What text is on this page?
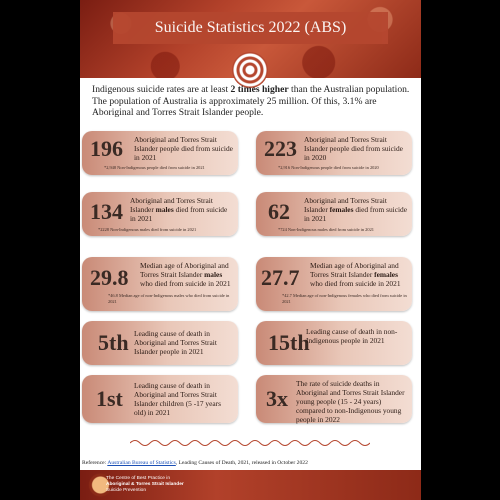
Suicide Statistics 2022 (ABS)
Indigenous suicide rates are at least 2 times higher than the Australian population. The population of Australia is approximately 25 million. Of this, 3.1% are Aboriginal and Torres Strait Islander people.
196 Aboriginal and Torres Strait Islander people died from suicide in 2021
*2,948 Non-Indigenous people died from suicide in 2021
223 Aboriginal and Torres Strait Islander people died from suicide in 2020
*2,916 Non-Indigenous people died from suicide in 2020
134 Aboriginal and Torres Strait Islander males died from suicide in 2021
*2228 Non-Indigenous males died from suicide in 2021
62 Aboriginal and Torres Strait Islander females died from suicide in 2021
*724 Non-Indigenous males died from suicide in 2021
29.8 Median age of Aboriginal and Torres Strait Islander males who died from suicide in 2021
*46.8 Median age of non-Indigenous males who died from suicide in 2021
27.7 Median age of Aboriginal and Torres Strait Islander females who died from suicide in 2021
*42.7 Median age of non-Indigenous females who died from suicide in 2021
5th Leading cause of death in Aboriginal and Torres Strait Islander people in 2021	15th
Leading cause of death in non-Indigenous people in 2021
1st
Leading cause of death in Aboriginal and Torres Strait Islander children (5 -17 years old) in 2021
3x
The rate of suicide deaths in Aboriginal and Torres Strait Islander young people (15 - 24 years) compared to non-Indigenous young people in 2022
Reference: Australian Bureau of Statistics, Leading Causes of Death, 2021, released in October 2022
The Centre of Best Practice in
Aboriginal & Torres Strait Islander
Suicide Prevention
